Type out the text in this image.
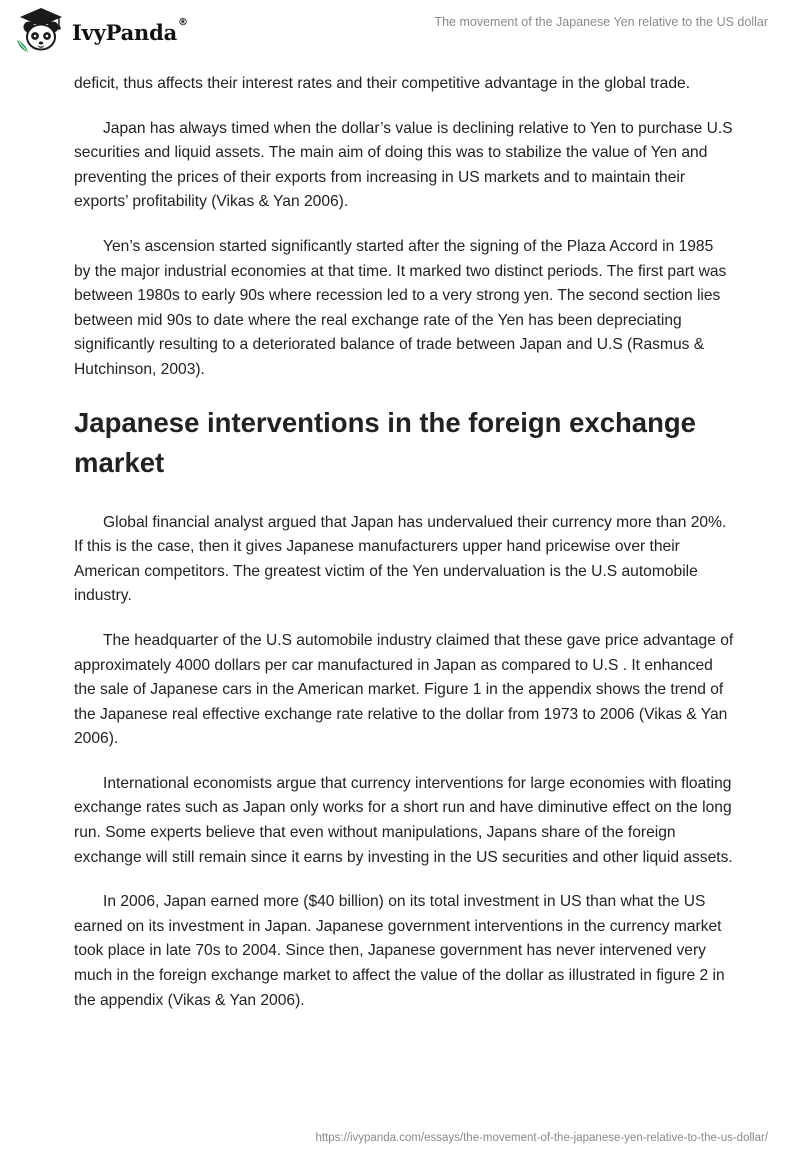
IvyPanda®	The movement of the Japanese Yen relative to the US dollar

deficit, thus affects their interest rates and their competitive advantage in the global trade.

Japan has always timed when the dollar’s value is declining relative to Yen to purchase U.S securities and liquid assets. The main aim of doing this was to stabilize the value of Yen and preventing the prices of their exports from increasing in US markets and to maintain their exports’ profitability (Vikas & Yan 2006).

Yen’s ascension started significantly started after the signing of the Plaza Accord in 1985 by the major industrial economies at that time. It marked two distinct periods. The first part was between 1980s to early 90s where recession led to a very strong yen. The second section lies between mid 90s to date where the real exchange rate of the Yen has been depreciating significantly resulting to a deteriorated balance of trade between Japan and U.S (Rasmus & Hutchinson, 2003).

Japanese interventions in the foreign exchange market

Global financial analyst argued that Japan has undervalued their currency more than 20%. If this is the case, then it gives Japanese manufacturers upper hand pricewise over their American competitors. The greatest victim of the Yen undervaluation is the U.S automobile industry.

The headquarter of the U.S automobile industry claimed that these gave price advantage of approximately 4000 dollars per car manufactured in Japan as compared to U.S . It enhanced the sale of Japanese cars in the American market. Figure 1 in the appendix shows the trend of the Japanese real effective exchange rate relative to the dollar from 1973 to 2006 (Vikas & Yan 2006).

International economists argue that currency interventions for large economies with floating exchange rates such as Japan only works for a short run and have diminutive effect on the long run. Some experts believe that even without manipulations, Japans share of the foreign exchange will still remain since it earns by investing in the US securities and other liquid assets.

In 2006, Japan earned more ($40 billion) on its total investment in US than what the US earned on its investment in Japan. Japanese government interventions in the currency market took place in late 70s to 2004. Since then, Japanese government has never intervened very much in the foreign exchange market to affect the value of the dollar as illustrated in figure 2 in the appendix (Vikas & Yan 2006).

https://ivypanda.com/essays/the-movement-of-the-japanese-yen-relative-to-the-us-dollar/
